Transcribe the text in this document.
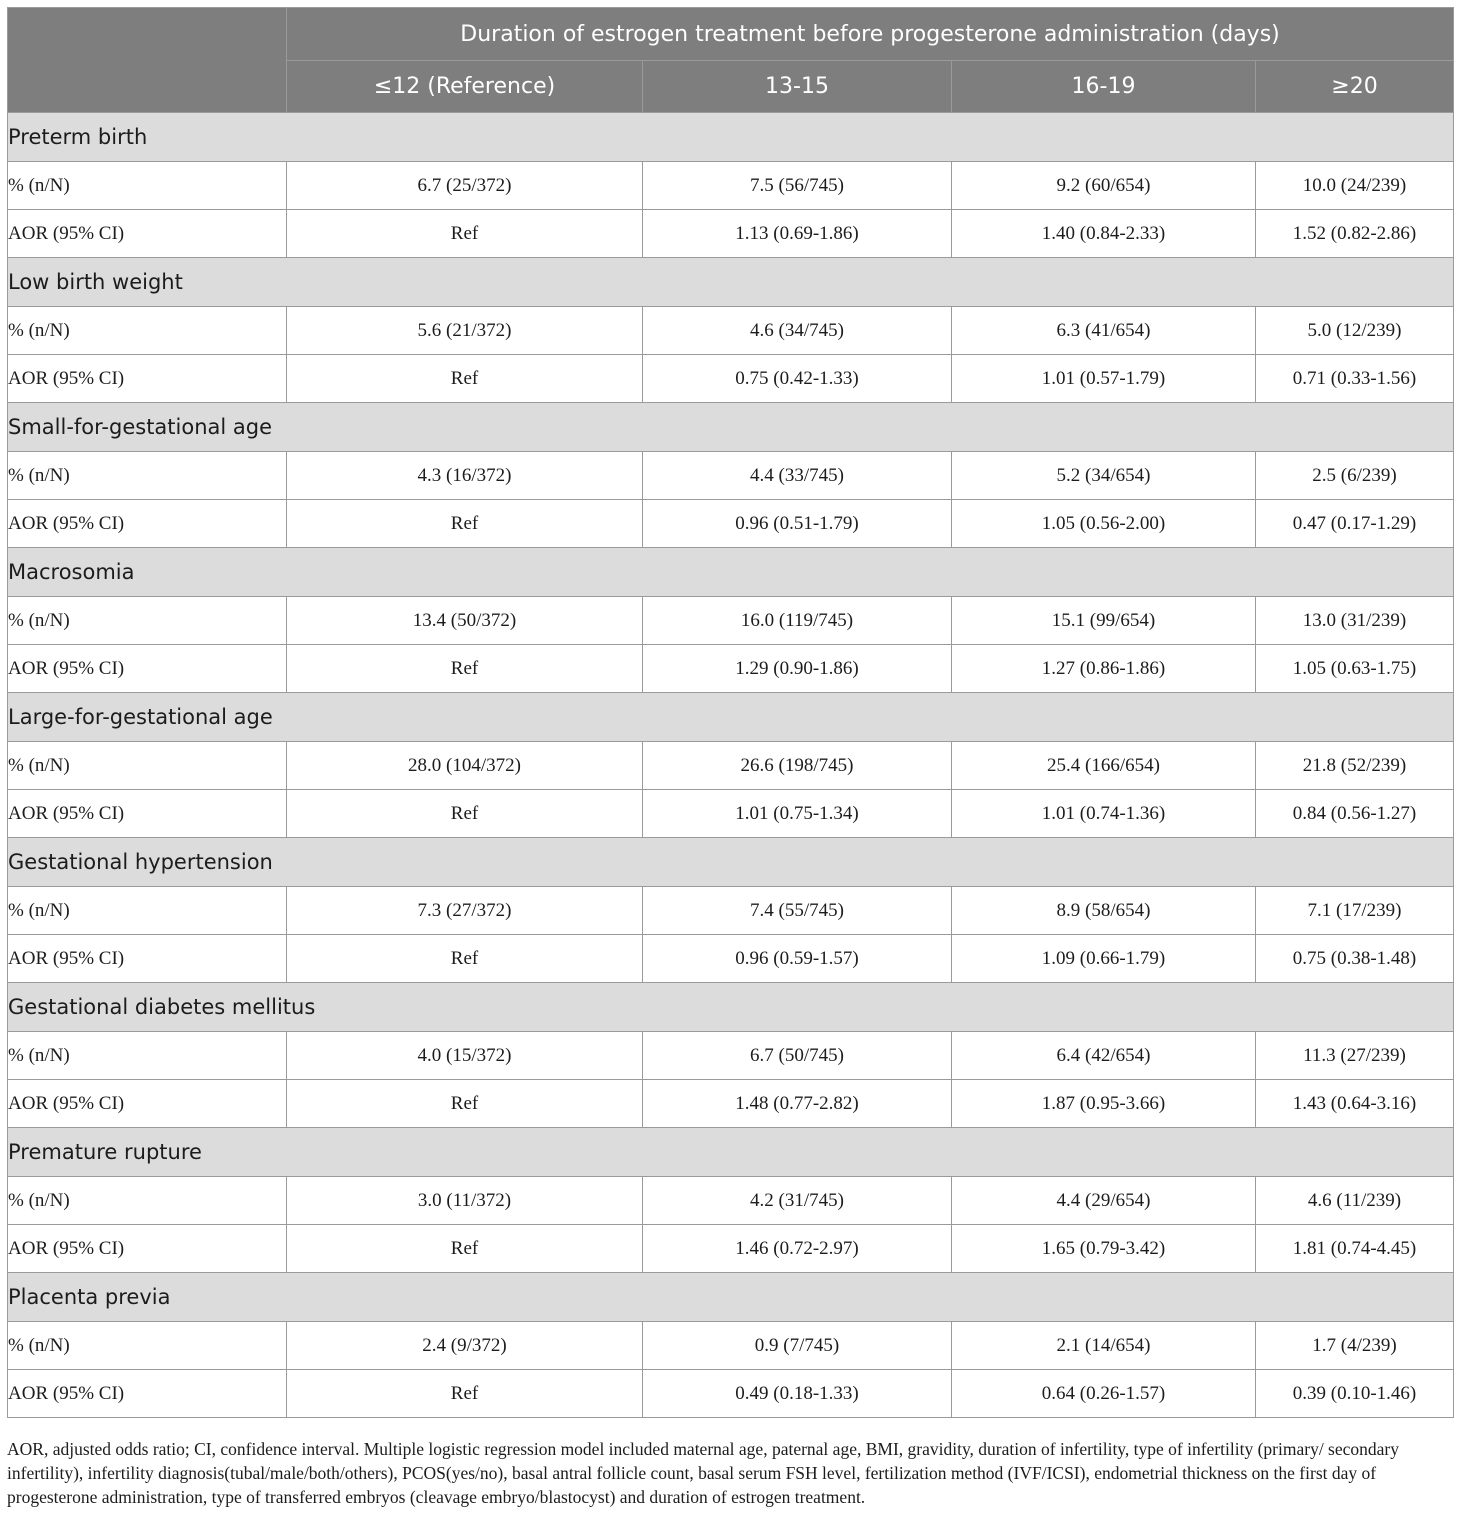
	Duration of estrogen treatment before progesterone administration (days)			
	≤12 (Reference)	13-15	16-19	≥20
Preterm birth				
% (n/N)	6.7 (25/372)	7.5 (56/745)	9.2 (60/654)	10.0 (24/239)
AOR (95% CI)	Ref	1.13 (0.69-1.86)	1.40 (0.84-2.33)	1.52 (0.82-2.86)
Low birth weight				
% (n/N)	5.6 (21/372)	4.6 (34/745)	6.3 (41/654)	5.0 (12/239)
AOR (95% CI)	Ref	0.75 (0.42-1.33)	1.01 (0.57-1.79)	0.71 (0.33-1.56)
Small-for-gestational age				
% (n/N)	4.3 (16/372)	4.4 (33/745)	5.2 (34/654)	2.5 (6/239)
AOR (95% CI)	Ref	0.96 (0.51-1.79)	1.05 (0.56-2.00)	0.47 (0.17-1.29)
Macrosomia				
% (n/N)	13.4 (50/372)	16.0 (119/745)	15.1 (99/654)	13.0 (31/239)
AOR (95% CI)	Ref	1.29 (0.90-1.86)	1.27 (0.86-1.86)	1.05 (0.63-1.75)
Large-for-gestational age				
% (n/N)	28.0 (104/372)	26.6 (198/745)	25.4 (166/654)	21.8 (52/239)
AOR (95% CI)	Ref	1.01 (0.75-1.34)	1.01 (0.74-1.36)	0.84 (0.56-1.27)
Gestational hypertension				
% (n/N)	7.3 (27/372)	7.4 (55/745)	8.9 (58/654)	7.1 (17/239)
AOR (95% CI)	Ref	0.96 (0.59-1.57)	1.09 (0.66-1.79)	0.75 (0.38-1.48)
Gestational diabetes mellitus				
% (n/N)	4.0 (15/372)	6.7 (50/745)	6.4 (42/654)	11.3 (27/239)
AOR (95% CI)	Ref	1.48 (0.77-2.82)	1.87 (0.95-3.66)	1.43 (0.64-3.16)
Premature rupture				
% (n/N)	3.0 (11/372)	4.2 (31/745)	4.4 (29/654)	4.6 (11/239)
AOR (95% CI)	Ref	1.46 (0.72-2.97)	1.65 (0.79-3.42)	1.81 (0.74-4.45)
Placenta previa				
% (n/N)	2.4 (9/372)	0.9 (7/745)	2.1 (14/654)	1.7 (4/239)
AOR (95% CI)	Ref	0.49 (0.18-1.33)	0.64 (0.26-1.57)	0.39 (0.10-1.46)

AOR, adjusted odds ratio; CI, confidence interval. Multiple logistic regression model included maternal age, paternal age, BMI, gravidity, duration of infertility, type of infertility (primary/ secondary infertility), infertility diagnosis(tubal/male/both/others), PCOS(yes/no), basal antral follicle count, basal serum FSH level, fertilization method (IVF/ICSI), endometrial thickness on the first day of progesterone administration, type of transferred embryos (cleavage embryo/blastocyst) and duration of estrogen treatment.
